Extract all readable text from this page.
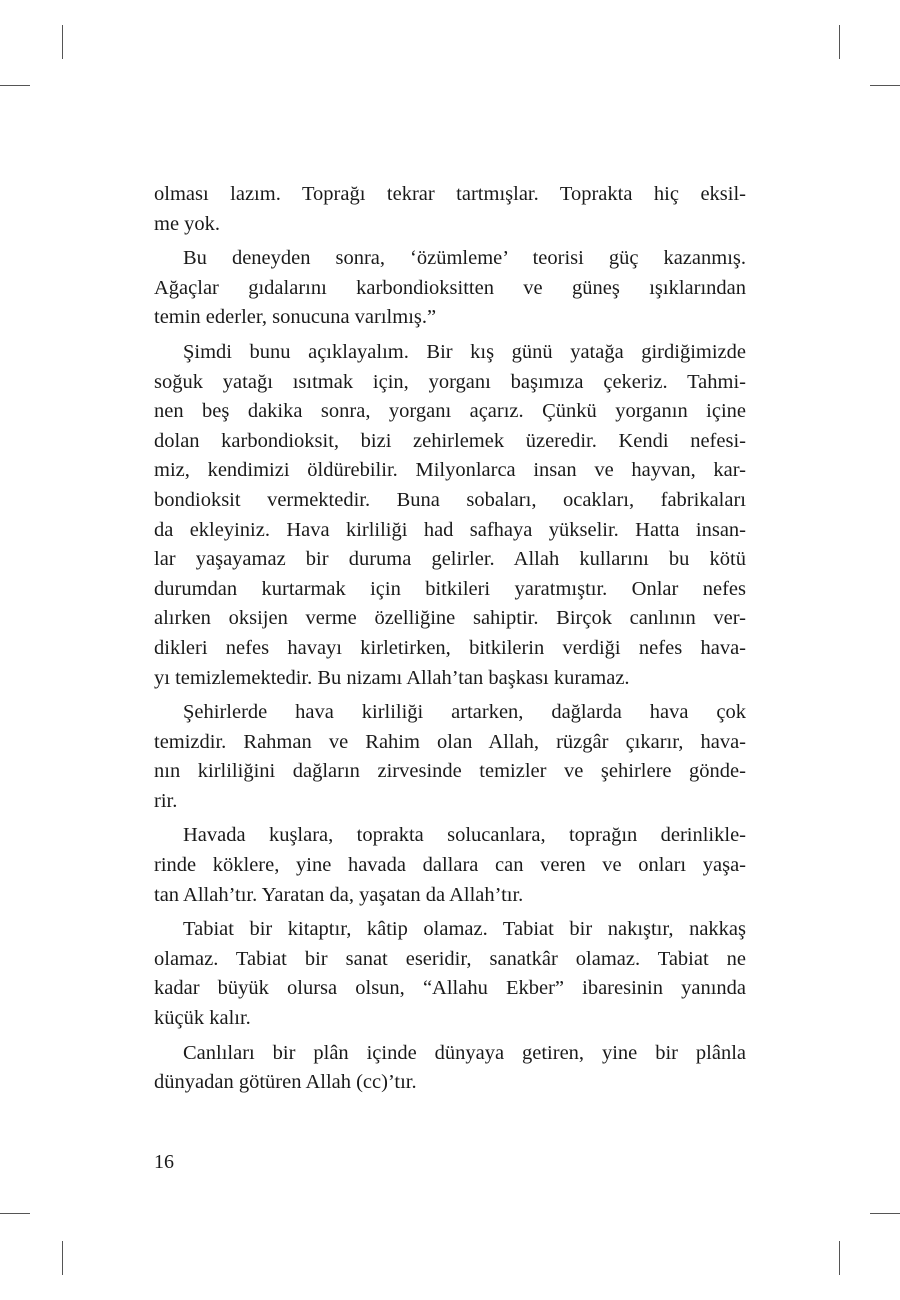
olması lazım. Toprağı tekrar tartmışlar. Toprakta hiç eksil-
me yok.
Bu deneyden sonra, ‘özümleme’ teorisi güç kazanmış.
Ağaçlar gıdalarını karbondioksitten ve güneş ışıklarından
temin ederler, sonucuna varılmış.”
Şimdi bunu açıklayalım. Bir kış günü yatağa girdiğimizde
soğuk yatağı ısıtmak için, yorganı başımıza çekeriz. Tahmi-
nen beş dakika sonra, yorganı açarız. Çünkü yorganın içine
dolan karbondioksit, bizi zehirlemek üzeredir. Kendi nefesi-
miz, kendimizi öldürebilir. Milyonlarca insan ve hayvan, kar-
bondioksit vermektedir. Buna sobaları, ocakları, fabrikaları
da ekleyiniz. Hava kirliliği had safhaya yükselir. Hatta insan-
lar yaşayamaz bir duruma gelirler. Allah kullarını bu kötü
durumdan kurtarmak için bitkileri yaratmıştır. Onlar nefes
alırken oksijen verme özelliğine sahiptir. Birçok canlının ver-
dikleri nefes havayı kirletirken, bitkilerin verdiği nefes hava-
yı temizlemektedir. Bu nizamı Allah’tan başkası kuramaz.
Şehirlerde hava kirliliği artarken, dağlarda hava çok
temizdir. Rahman ve Rahim olan Allah, rüzgâr çıkarır, hava-
nın kirliliğini dağların zirvesinde temizler ve şehirlere gönde-
rir.
Havada kuşlara, toprakta solucanlara, toprağın derinlikle-
rinde köklere, yine havada dallara can veren ve onları yaşa-
tan Allah’tır. Yaratan da, yaşatan da Allah’tır.
Tabiat bir kitaptır, kâtip olamaz. Tabiat bir nakıştır, nakkaş
olamaz. Tabiat bir sanat eseridir, sanatkâr olamaz. Tabiat ne
kadar büyük olursa olsun, “Allahu Ekber” ibaresinin yanında
küçük kalır.
Canlıları bir plân içinde dünyaya getiren, yine bir plânla
dünyadan götüren Allah (cc)’tır.
16
